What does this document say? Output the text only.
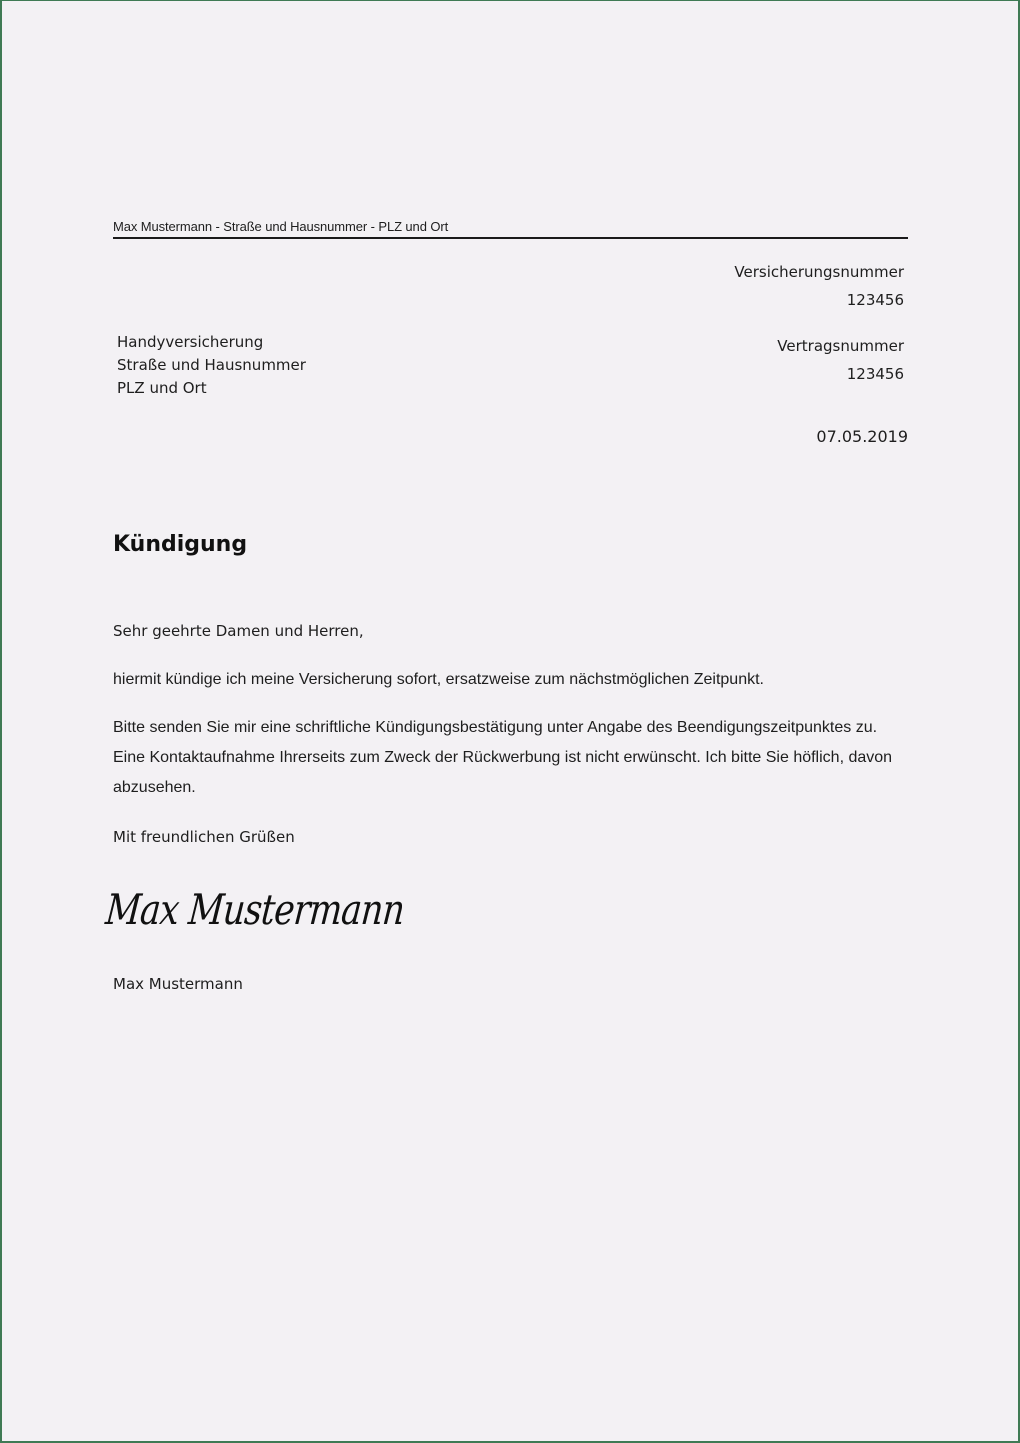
Max Mustermann - Straße und Hausnummer - PLZ und Ort
Versicherungsnummer
123456
Vertragsnummer
123456
07.05.2019
Handyversicherung
Straße und Hausnummer
PLZ und Ort
Kündigung
Sehr geehrte Damen und Herren,
hiermit kündige ich meine Versicherung sofort, ersatzweise zum nächstmöglichen Zeitpunkt.
Bitte senden Sie mir eine schriftliche Kündigungsbestätigung unter Angabe des Beendigungszeitpunktes zu. Eine Kontaktaufnahme Ihrerseits zum Zweck der Rückwerbung ist nicht erwünscht. Ich bitte Sie höflich, davon abzusehen.
Mit freundlichen Grüßen
Max Mustermann
Max Mustermann
